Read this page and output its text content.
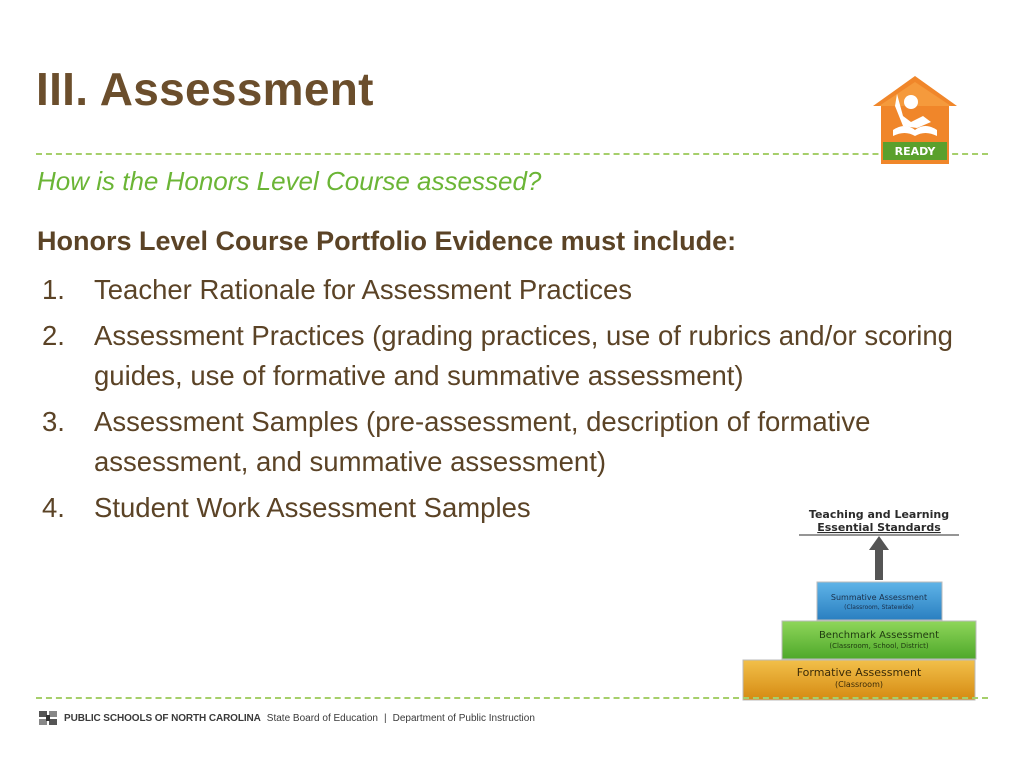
III. Assessment
READY
How is the Honors Level Course assessed?
Honors Level Course Portfolio Evidence must include:
1. Teacher Rationale for Assessment Practices
2. Assessment Practices (grading practices, use of rubrics and/or scoring guides, use of formative and summative assessment)
3. Assessment Samples (pre-assessment, description of formative assessment, and summative assessment)
4. Student Work Assessment Samples	Teaching and Learning
Essential Standards
Summative Assessment
(Classroom, Statewide)
Benchmark Assessment
(Classroom, School, District)
Formative Assessment
(Classroom)
PUBLIC SCHOOLS OF NORTH CAROLINA State Board of Education | Department of Public Instruction
